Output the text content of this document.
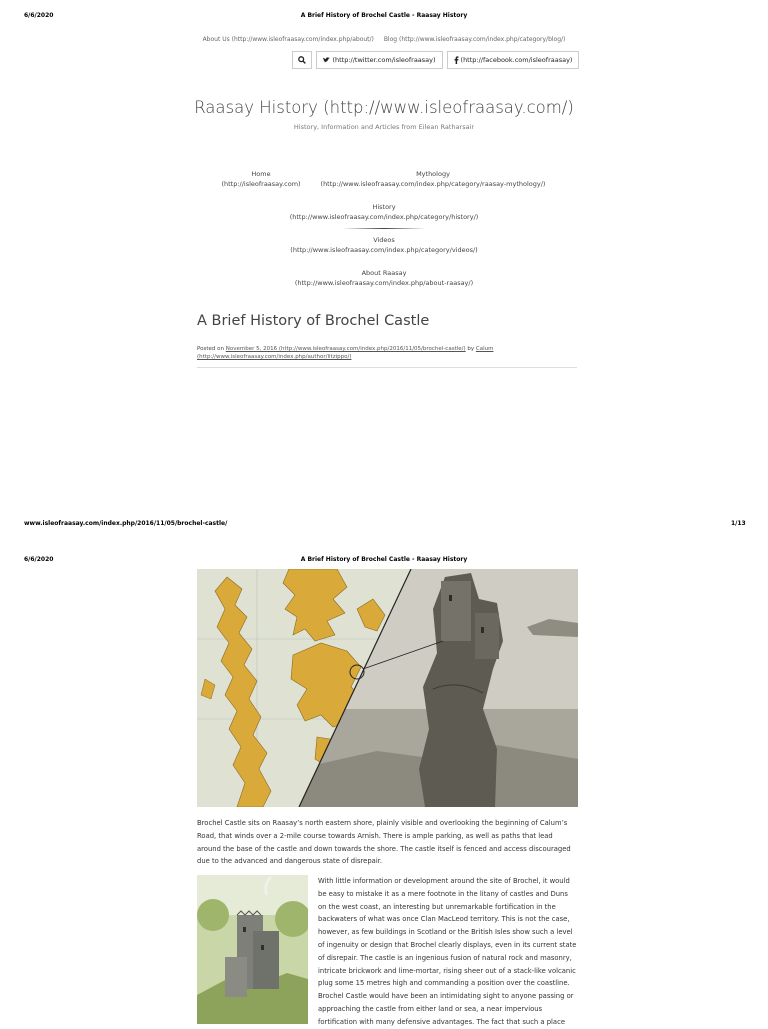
6/6/2020	A Brief History of Brochel Castle - Raasay History
About Us (http://www.isleofraasay.com/index.php/about/) Blog (http://www.isleofraasay.com/index.php/category/blog/)
(http://twitter.com/isleofraasay)	(http://facebook.com/isleofraasay)
Raasay History (http://www.isleofraasay.com/)
History, Information and Articles from Eilean Ratharsair
Home
(http://isleofraasay.com)
Mythology
(http://www.isleofraasay.com/index.php/category/raasay-mythology/)
History
(http://www.isleofraasay.com/index.php/category/history/)
Videos
(http://www.isleofraasay.com/index.php/category/videos/)
About Raasay
(http://www.isleofraasay.com/index.php/about-raasay/)
A Brief History of Brochel Castle
Posted on November 5, 2016 (http://www.isleofraasay.com/index.php/2016/11/05/brochel-castle/) by Calum
(http://www.isleofraasay.com/index.php/author/litzippo/)
www.isleofraasay.com/index.php/2016/11/05/brochel-castle/	1/13
6/6/2020	A Brief History of Brochel Castle - Raasay History
Brochel Castle sits on Raasay’s north eastern shore, plainly visible and overlooking the beginning of Calum’s Road, that winds over a 2-mile course towards Arnish. There is ample parking, as well as paths that lead around the base of the castle and down towards the shore. The castle itself is fenced and access discouraged due to the advanced and dangerous state of disrepair.
With little information or development around the site of Brochel, it would be easy to mistake it as a mere footnote in the litany of castles and Duns on the west coast, an interesting but unremarkable fortification in the backwaters of what was once Clan MacLeod territory. This is not the case, however, as few buildings in Scotland or the British Isles show such a level of ingenuity or design that Brochel clearly displays, even in its current state of disrepair. The castle is an ingenious fusion of natural rock and masonry, intricate brickwork and lime-mortar, rising sheer out of a stack-like volcanic plug some 15 metres high and commanding a position over the coastline. Brochel Castle would have been an intimidating sight to anyone passing or approaching the castle from either land or sea, a near impervious fortification with many defensive advantages. The fact that such a place
